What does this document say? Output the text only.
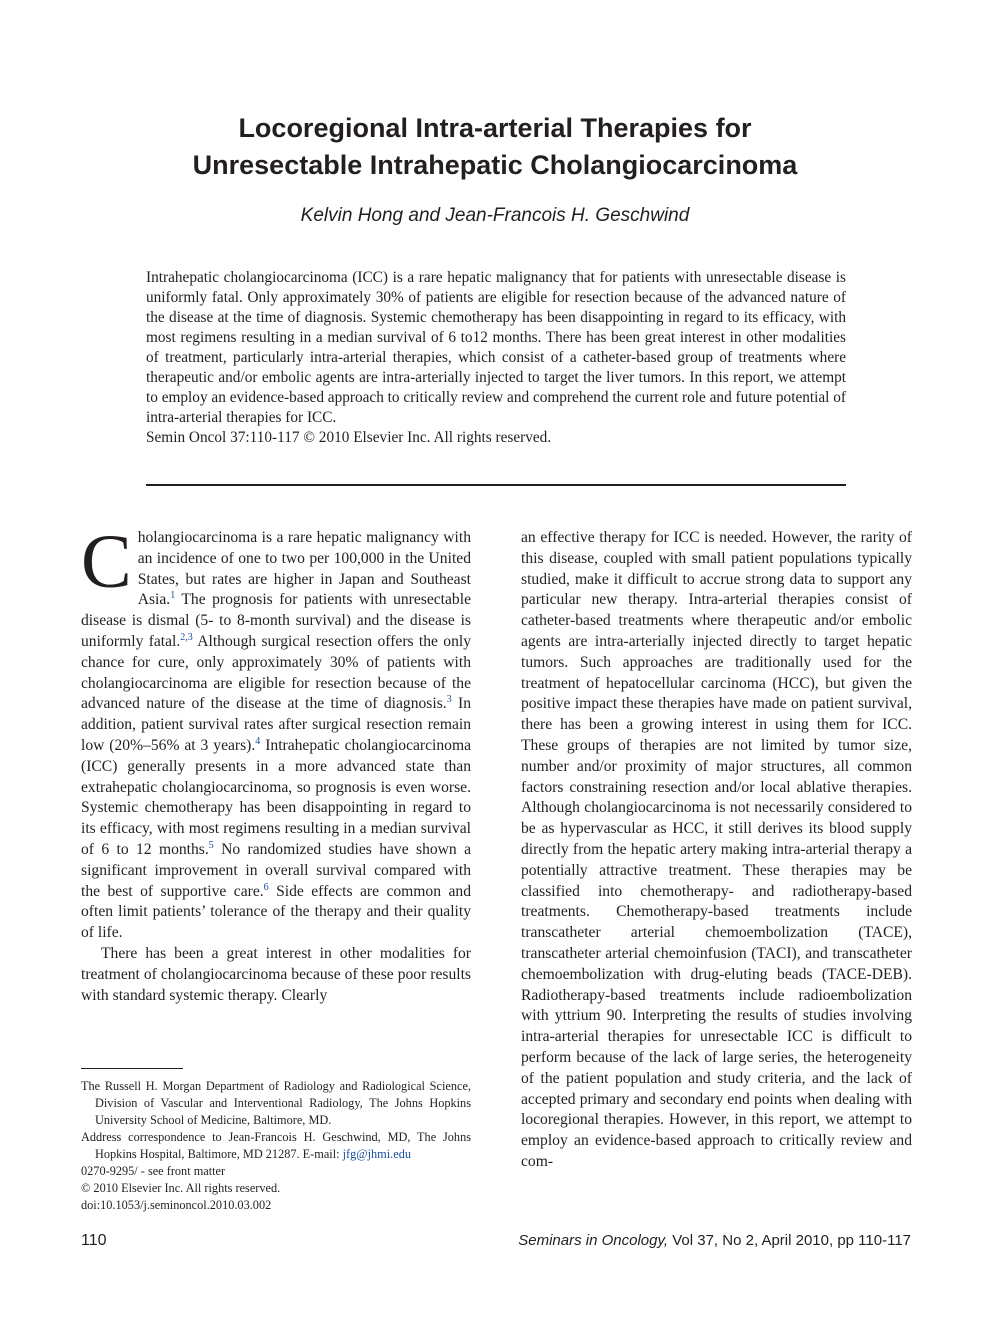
Locoregional Intra-arterial Therapies for
Unresectable Intrahepatic Cholangiocarcinoma
Kelvin Hong and Jean-Francois H. Geschwind

Intrahepatic cholangiocarcinoma (ICC) is a rare hepatic malignancy that for patients with unresectable disease is uniformly fatal. Only approximately 30% of patients are eligible for resection because of the advanced nature of the disease at the time of diagnosis. Systemic chemotherapy has been disappointing in regard to its efficacy, with most regimens resulting in a median survival of 6 to12 months. There has been great interest in other modalities of treatment, particularly intra-arterial therapies, which consist of a catheter-based group of treatments where therapeutic and/or embolic agents are intra-arterially injected to target the liver tumors. In this report, we attempt to employ an evidence-based approach to critically review and comprehend the current role and future potential of intra-arterial therapies for ICC.

Semin Oncol 37:110-117 © 2010 Elsevier Inc. All rights reserved.

Cholangiocarcinoma is a rare hepatic malignancy with an incidence of one to two per 100,000 in the United States, but rates are higher in Japan and Southeast Asia.$^1$ The prognosis for patients with unresectable disease is dismal (5- to 8-month survival) and the disease is uniformly fatal.$^{2,3}$ Although surgical resection offers the only chance for cure, only approximately 30% of patients with cholangiocarcinoma are eligible for resection because of the advanced nature of the disease at the time of diagnosis.$^3$ In addition, patient survival rates after surgical resection remain low (20%–56% at 3 years).$^4$ Intrahepatic cholangiocarcinoma (ICC) generally presents in a more advanced state than extrahepatic cholangiocarcinoma, so prognosis is even worse. Systemic chemotherapy has been disappointing in regard to its efficacy, with most regimens resulting in a median survival of 6 to 12 months.$^5$ No randomized studies have shown a significant improvement in overall survival compared with the best of supportive care.$^6$ Side effects are common and often limit patients’ tolerance of the therapy and their quality of life.

There has been a great interest in other modalities for treatment of cholangiocarcinoma because of these poor results with standard systemic therapy. Clearly

an effective therapy for ICC is needed. However, the rarity of this disease, coupled with small patient populations typically studied, make it difficult to accrue strong data to support any particular new therapy. Intra-arterial therapies consist of catheter-based treatments where therapeutic and/or embolic agents are intra-arterially injected directly to target hepatic tumors. Such approaches are traditionally used for the treatment of hepatocellular carcinoma (HCC), but given the positive impact these therapies have made on patient survival, there has been a growing interest in using them for ICC. These groups of therapies are not limited by tumor size, number and/or proximity of major structures, all common factors constraining resection and/or local ablative therapies. Although cholangiocarcinoma is not necessarily considered to be as hypervascular as HCC, it still derives its blood supply directly from the hepatic artery making intra-arterial therapy a potentially attractive treatment. These therapies may be classified into chemotherapy- and radiotherapy-based treatments. Chemotherapy-based treatments include transcatheter arterial chemoembolization (TACE), transcatheter arterial chemoinfusion (TACI), and transcatheter chemoembolization with drug-eluting beads (TACE-DEB). Radiotherapy-based treatments include radioembolization with yttrium 90. Interpreting the results of studies involving intra-arterial therapies for unresectable ICC is difficult to perform because of the lack of large series, the heterogeneity of the patient population and study criteria, and the lack of accepted primary and secondary end points when dealing with locoregional therapies. However, in this report, we attempt to employ an evidence-based approach to critically review and com-

The Russell H. Morgan Department of Radiology and Radiological Science, Division of Vascular and Interventional Radiology, The Johns Hopkins University School of Medicine, Baltimore, MD.

Address correspondence to Jean-Francois H. Geschwind, MD, The Johns Hopkins Hospital, Baltimore, MD 21287. E-mail: jfg@jhmi.edu

0270-9295/ - see front matter

© 2010 Elsevier Inc. All rights reserved.

doi:10.1053/j.seminoncol.2010.03.002

110	Seminars in Oncology, Vol 37, No 2, April 2010, pp 110-117
